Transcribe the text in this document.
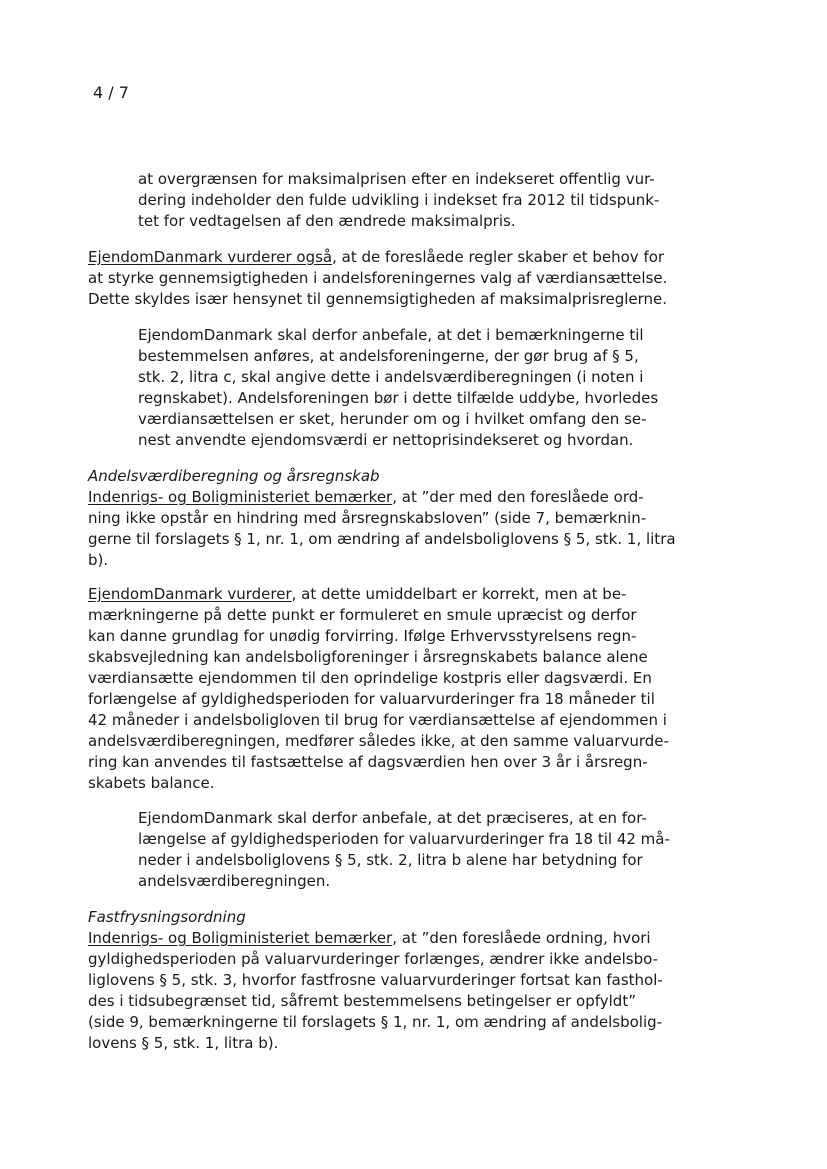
4 / 7
at overgrænsen for maksimalprisen efter en indekseret offentlig vur-
dering indeholder den fulde udvikling i indekset fra 2012 til tidspunk-
tet for vedtagelsen af den ændrede maksimalpris.
EjendomDanmark vurderer også, at de foreslåede regler skaber et behov for
at styrke gennemsigtigheden i andelsforeningernes valg af værdiansættelse.
Dette skyldes især hensynet til gennemsigtigheden af maksimalprisreglerne.
EjendomDanmark skal derfor anbefale, at det i bemærkningerne til
bestemmelsen anføres, at andelsforeningerne, der gør brug af § 5,
stk. 2, litra c, skal angive dette i andelsværdiberegningen (i noten i
regnskabet). Andelsforeningen bør i dette tilfælde uddybe, hvorledes
værdiansættelsen er sket, herunder om og i hvilket omfang den se-
nest anvendte ejendomsværdi er nettoprisindekseret og hvordan.
Andelsværdiberegning og årsregnskab
Indenrigs- og Boligministeriet bemærker, at ”der med den foreslåede ord-
ning ikke opstår en hindring med årsregnskabsloven” (side 7, bemærknin-
gerne til forslagets § 1, nr. 1, om ændring af andelsboliglovens § 5, stk. 1, litra
b).
EjendomDanmark vurderer, at dette umiddelbart er korrekt, men at be-
mærkningerne på dette punkt er formuleret en smule upræcist og derfor
kan danne grundlag for unødig forvirring. Ifølge Erhvervsstyrelsens regn-
skabsvejledning kan andelsboligforeninger i årsregnskabets balance alene
værdiansætte ejendommen til den oprindelige kostpris eller dagsværdi. En
forlængelse af gyldighedsperioden for valuarvurderinger fra 18 måneder til
42 måneder i andelsboligloven til brug for værdiansættelse af ejendommen i
andelsværdiberegningen, medfører således ikke, at den samme valuarvurde-
ring kan anvendes til fastsættelse af dagsværdien hen over 3 år i årsregn-
skabets balance.
EjendomDanmark skal derfor anbefale, at det præciseres, at en for-
længelse af gyldighedsperioden for valuarvurderinger fra 18 til 42 må-
neder i andelsboliglovens § 5, stk. 2, litra b alene har betydning for
andelsværdiberegningen.
Fastfrysningsordning
Indenrigs- og Boligministeriet bemærker, at ”den foreslåede ordning, hvori
gyldighedsperioden på valuarvurderinger forlænges, ændrer ikke andelsbo-
liglovens § 5, stk. 3, hvorfor fastfrosne valuarvurderinger fortsat kan fasthol-
des i tidsubegrænset tid, såfremt bestemmelsens betingelser er opfyldt”
(side 9, bemærkningerne til forslagets § 1, nr. 1, om ændring af andelsbolig-
lovens § 5, stk. 1, litra b).
